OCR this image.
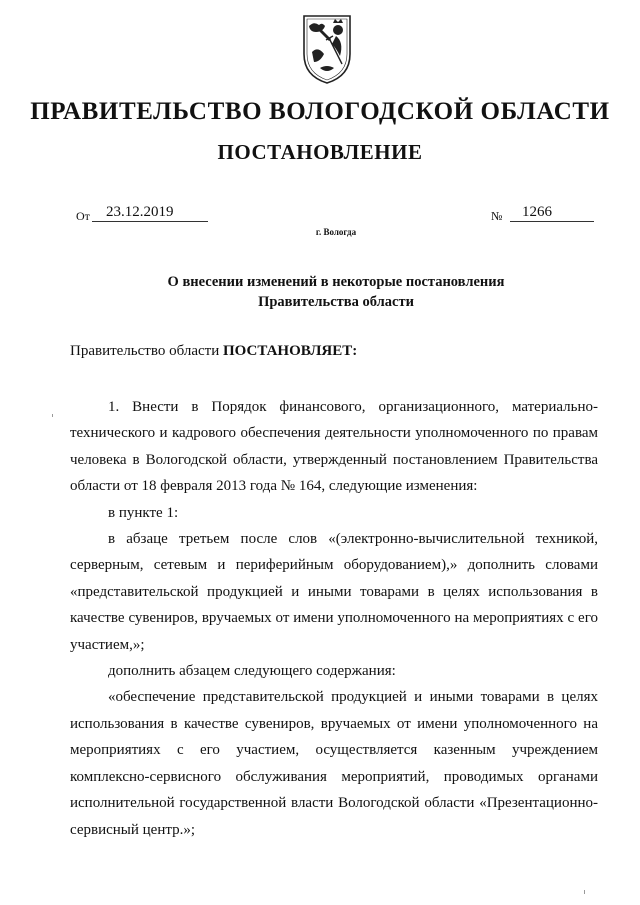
ПРАВИТЕЛЬСТВО ВОЛОГОДСКОЙ ОБЛАСТИ
ПОСТАНОВЛЕНИЕ
От	23.12.2019	№	1266
г. Вологда
О внесении изменений в некоторые постановления
Правительства области
Правительство области ПОСТАНОВЛЯЕТ:

1. Внести в Порядок финансового, организационного, материально-технического и кадрового обеспечения деятельности уполномоченного по правам человека в Вологодской области, утвержденный постановлением Правительства области от 18 февраля 2013 года № 164, следующие изменения:

в пункте 1:

в абзаце третьем после слов «(электронно-вычислительной техникой, серверным, сетевым и периферийным оборудованием),» дополнить словами «представительской продукцией и иными товарами в целях использования в качестве сувениров, вручаемых от имени уполномоченного на мероприятиях с его участием,»;

дополнить абзацем следующего содержания:

«обеспечение представительской продукцией и иными товарами в целях использования в качестве сувениров, вручаемых от имени уполномоченного на мероприятиях с его участием, осуществляется казенным учреждением комплексно-сервисного обслуживания мероприятий, проводимых органами исполнительной государственной власти Вологодской области «Презентационно-сервисный центр.»;
